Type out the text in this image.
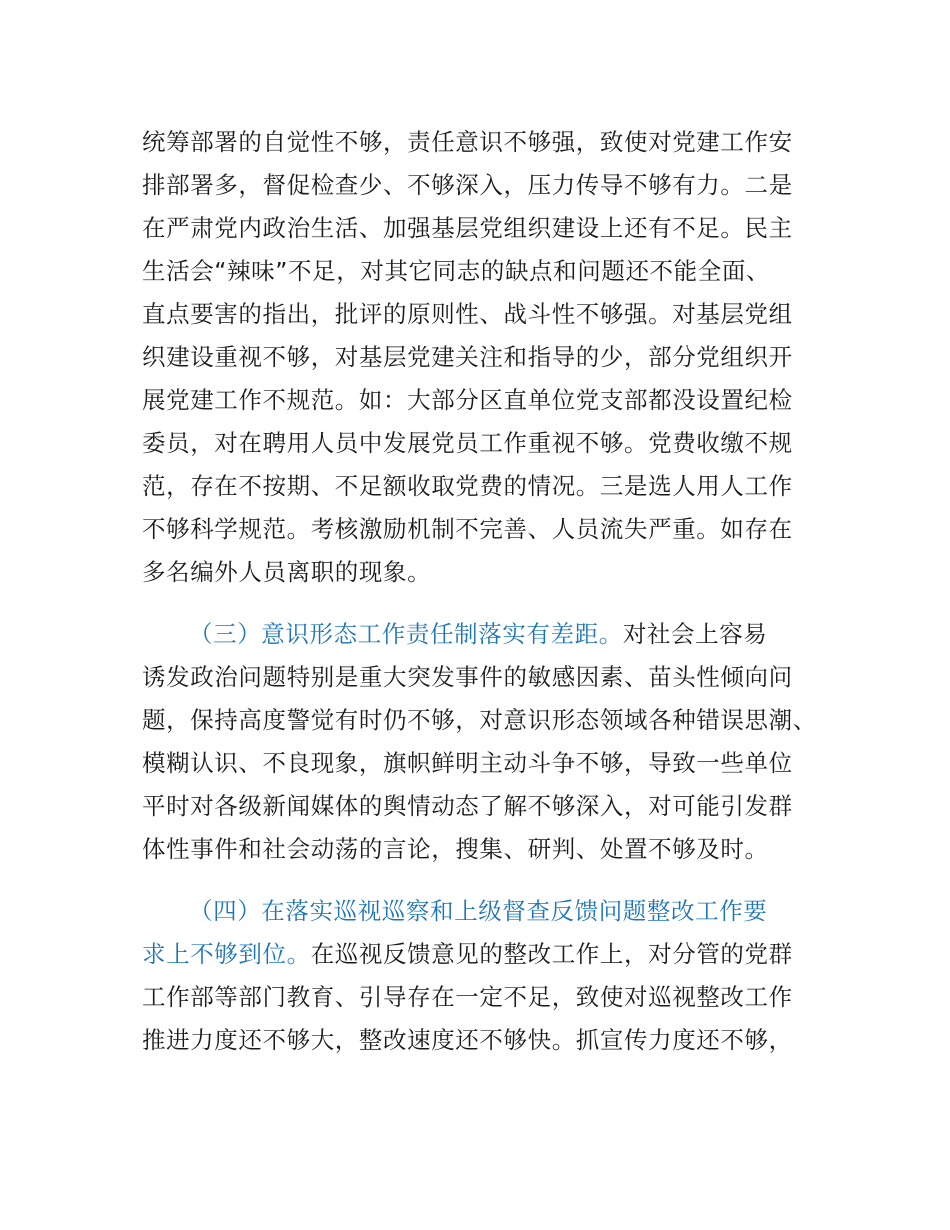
统筹部署的自觉性不够，责任意识不够强，致使对党建工作安
排部署多，督促检查少、不够深入，压力传导不够有力。二是
在严肃党内政治生活、加强基层党组织建设上还有不足。民主
生活会“辣味”不足，对其它同志的缺点和问题还不能全面、
直点要害的指出，批评的原则性、战斗性不够强。对基层党组
织建设重视不够，对基层党建关注和指导的少，部分党组织开
展党建工作不规范。如：大部分区直单位党支部都没设置纪检
委员，对在聘用人员中发展党员工作重视不够。党费收缴不规
范，存在不按期、不足额收取党费的情况。三是选人用人工作
不够科学规范。考核激励机制不完善、人员流失严重。如存在
多名编外人员离职的现象。
（三）意识形态工作责任制落实有差距。对社会上容易
诱发政治问题特别是重大突发事件的敏感因素、苗头性倾向问
题，保持高度警觉有时仍不够，对意识形态领域各种错误思潮、
模糊认识、不良现象，旗帜鲜明主动斗争不够，导致一些单位
平时对各级新闻媒体的舆情动态了解不够深入，对可能引发群
体性事件和社会动荡的言论，搜集、研判、处置不够及时。
（四）在落实巡视巡察和上级督查反馈问题整改工作要
求上不够到位。在巡视反馈意见的整改工作上，对分管的党群
工作部等部门教育、引导存在一定不足，致使对巡视整改工作
推进力度还不够大，整改速度还不够快。抓宣传力度还不够，
